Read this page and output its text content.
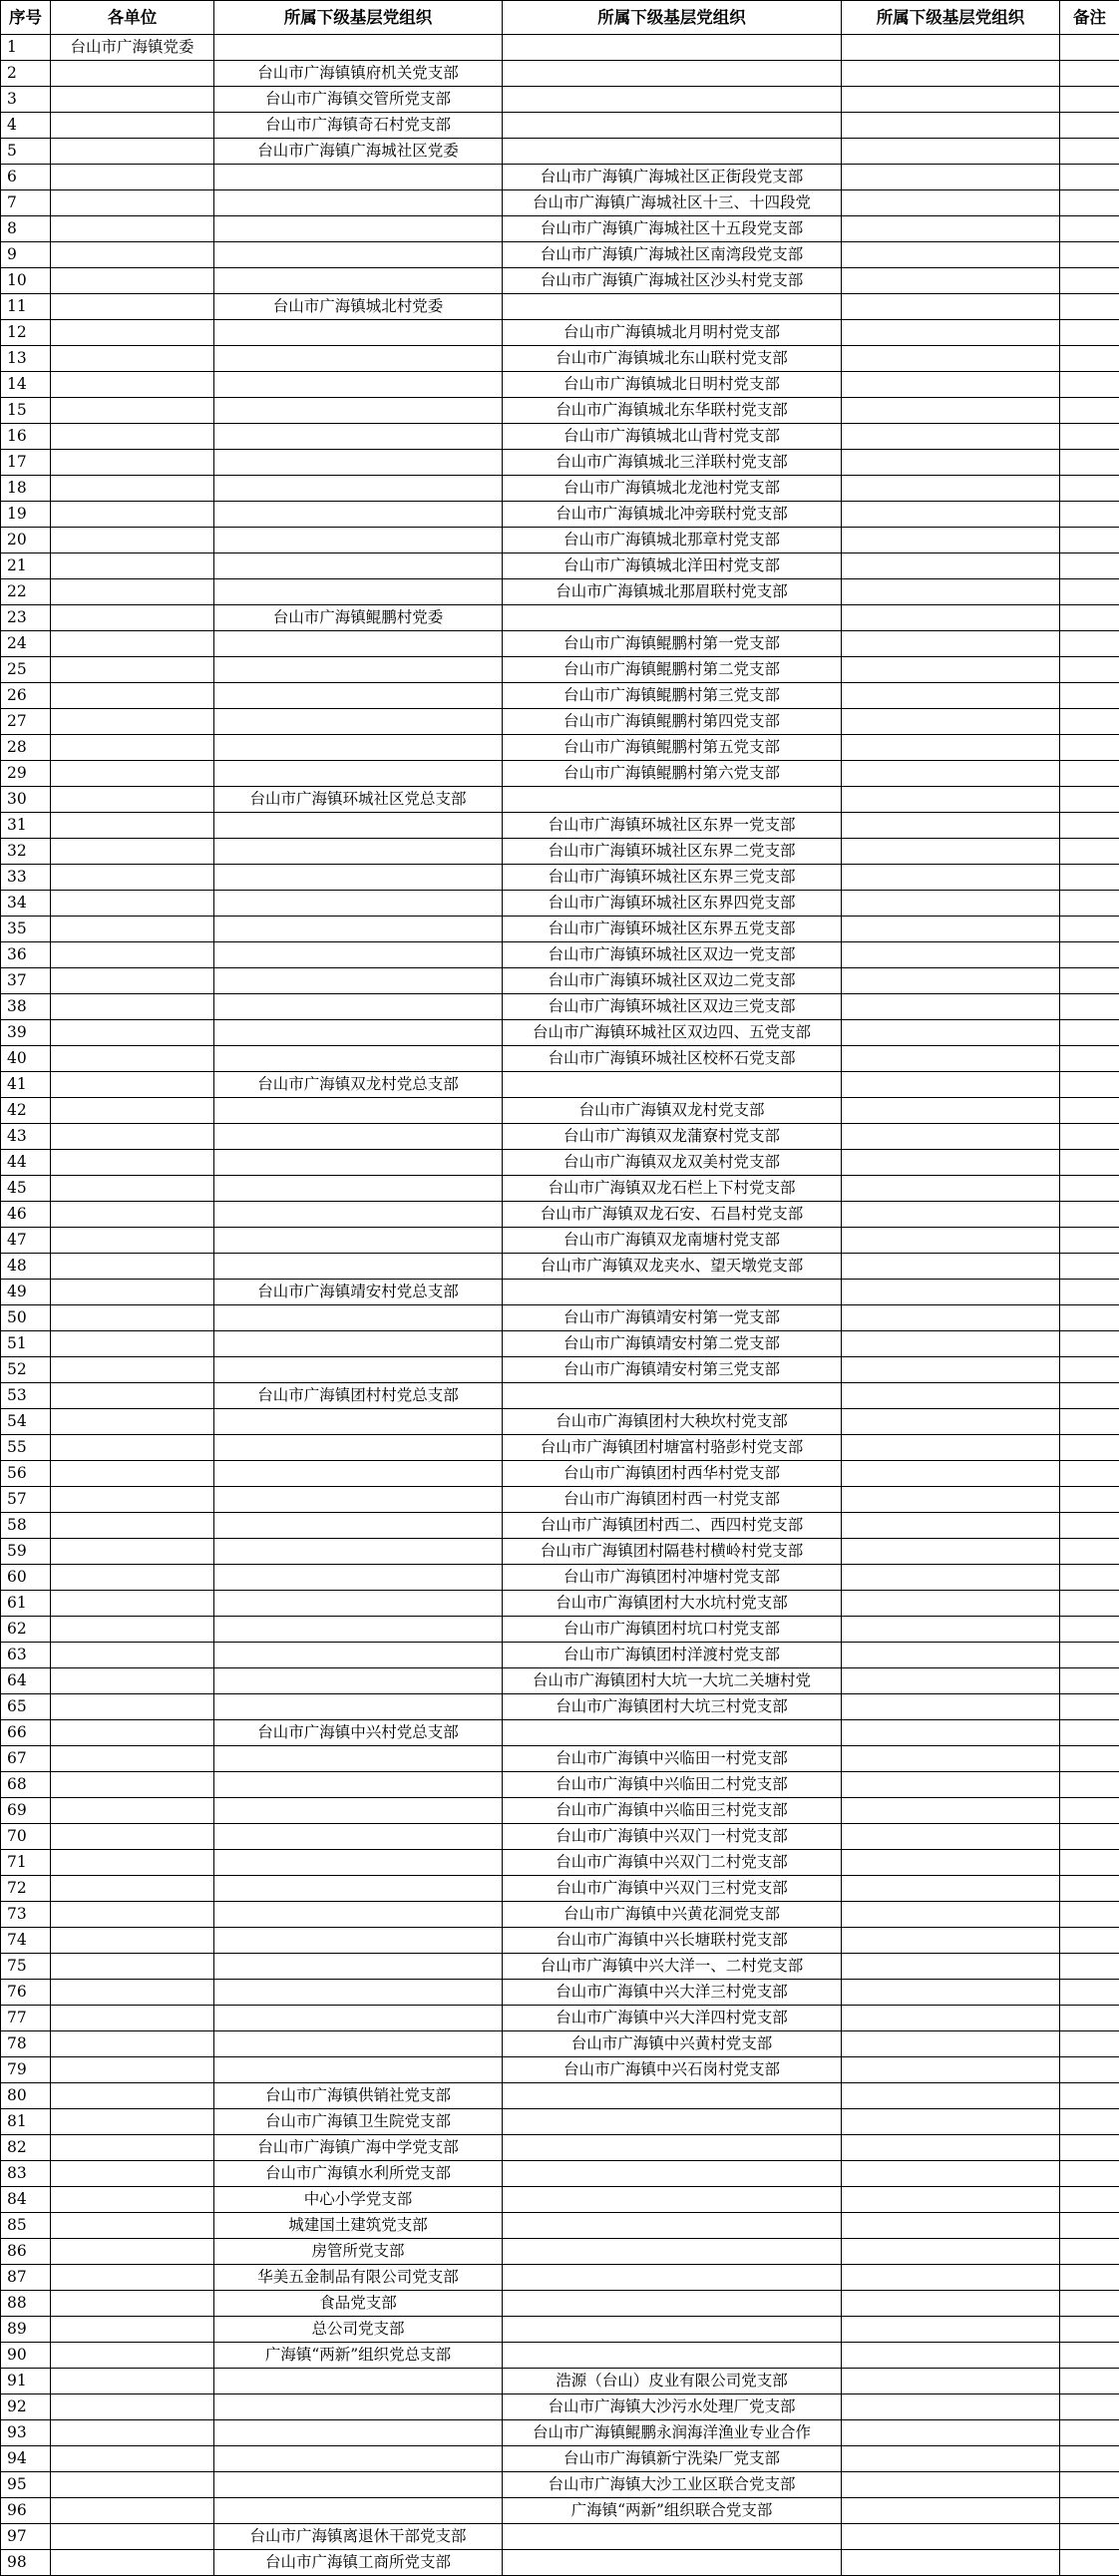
序号	各单位	所属下级基层党组织	所属下级基层党组织	所属下级基层党组织	备注
1	台山市广海镇党委				
2		台山市广海镇镇府机关党支部			
3		台山市广海镇交管所党支部			
4		台山市广海镇奇石村党支部			
5		台山市广海镇广海城社区党委			
6			台山市广海镇广海城社区正街段党支部		
7			台山市广海镇广海城社区十三、十四段党		
8			台山市广海镇广海城社区十五段党支部		
9			台山市广海镇广海城社区南湾段党支部		
10			台山市广海镇广海城社区沙头村党支部		
11		台山市广海镇城北村党委			
12			台山市广海镇城北月明村党支部		
13			台山市广海镇城北东山联村党支部		
14			台山市广海镇城北日明村党支部		
15			台山市广海镇城北东华联村党支部		
16			台山市广海镇城北山背村党支部		
17			台山市广海镇城北三洋联村党支部		
18			台山市广海镇城北龙池村党支部		
19			台山市广海镇城北冲旁联村党支部		
20			台山市广海镇城北那章村党支部		
21			台山市广海镇城北洋田村党支部		
22			台山市广海镇城北那眉联村党支部		
23		台山市广海镇鲲鹏村党委			
24			台山市广海镇鲲鹏村第一党支部		
25			台山市广海镇鲲鹏村第二党支部		
26			台山市广海镇鲲鹏村第三党支部		
27			台山市广海镇鲲鹏村第四党支部		
28			台山市广海镇鲲鹏村第五党支部		
29			台山市广海镇鲲鹏村第六党支部		
30		台山市广海镇环城社区党总支部			
31			台山市广海镇环城社区东界一党支部		
32			台山市广海镇环城社区东界二党支部		
33			台山市广海镇环城社区东界三党支部		
34			台山市广海镇环城社区东界四党支部		
35			台山市广海镇环城社区东界五党支部		
36			台山市广海镇环城社区双边一党支部		
37			台山市广海镇环城社区双边二党支部		
38			台山市广海镇环城社区双边三党支部		
39			台山市广海镇环城社区双边四、五党支部		
40			台山市广海镇环城社区校杯石党支部		
41		台山市广海镇双龙村党总支部			
42			台山市广海镇双龙村党支部		
43			台山市广海镇双龙蒲寮村党支部		
44			台山市广海镇双龙双美村党支部		
45			台山市广海镇双龙石栏上下村党支部		
46			台山市广海镇双龙石安、石昌村党支部		
47			台山市广海镇双龙南塘村党支部		
48			台山市广海镇双龙夹水、望天墩党支部		
49		台山市广海镇靖安村党总支部			
50			台山市广海镇靖安村第一党支部		
51			台山市广海镇靖安村第二党支部		
52			台山市广海镇靖安村第三党支部		
53		台山市广海镇团村村党总支部			
54			台山市广海镇团村大秧坎村党支部		
55			台山市广海镇团村塘富村骆彭村党支部		
56			台山市广海镇团村西华村党支部		
57			台山市广海镇团村西一村党支部		
58			台山市广海镇团村西二、西四村党支部		
59			台山市广海镇团村隔巷村横岭村党支部		
60			台山市广海镇团村冲塘村党支部		
61			台山市广海镇团村大水坑村党支部		
62			台山市广海镇团村坑口村党支部		
63			台山市广海镇团村洋渡村党支部		
64			台山市广海镇团村大坑一大坑二关塘村党		
65			台山市广海镇团村大坑三村党支部		
66		台山市广海镇中兴村党总支部			
67			台山市广海镇中兴临田一村党支部		
68			台山市广海镇中兴临田二村党支部		
69			台山市广海镇中兴临田三村党支部		
70			台山市广海镇中兴双门一村党支部		
71			台山市广海镇中兴双门二村党支部		
72			台山市广海镇中兴双门三村党支部		
73			台山市广海镇中兴黄花洞党支部		
74			台山市广海镇中兴长塘联村党支部		
75			台山市广海镇中兴大洋一、二村党支部		
76			台山市广海镇中兴大洋三村党支部		
77			台山市广海镇中兴大洋四村党支部		
78			台山市广海镇中兴黄村党支部		
79			台山市广海镇中兴石岗村党支部		
80		台山市广海镇供销社党支部			
81		台山市广海镇卫生院党支部			
82		台山市广海镇广海中学党支部			
83		台山市广海镇水利所党支部			
84		中心小学党支部			
85		城建国土建筑党支部			
86		房管所党支部			
87		华美五金制品有限公司党支部			
88		食品党支部			
89		总公司党支部			
90		广海镇“两新”组织党总支部			
91			浩源（台山）皮业有限公司党支部		
92			台山市广海镇大沙污水处理厂党支部		
93			台山市广海镇鲲鹏永润海洋渔业专业合作		
94			台山市广海镇新宁洗染厂党支部		
95			台山市广海镇大沙工业区联合党支部		
96			广海镇“两新”组织联合党支部		
97		台山市广海镇离退休干部党支部			
98		台山市广海镇工商所党支部			
